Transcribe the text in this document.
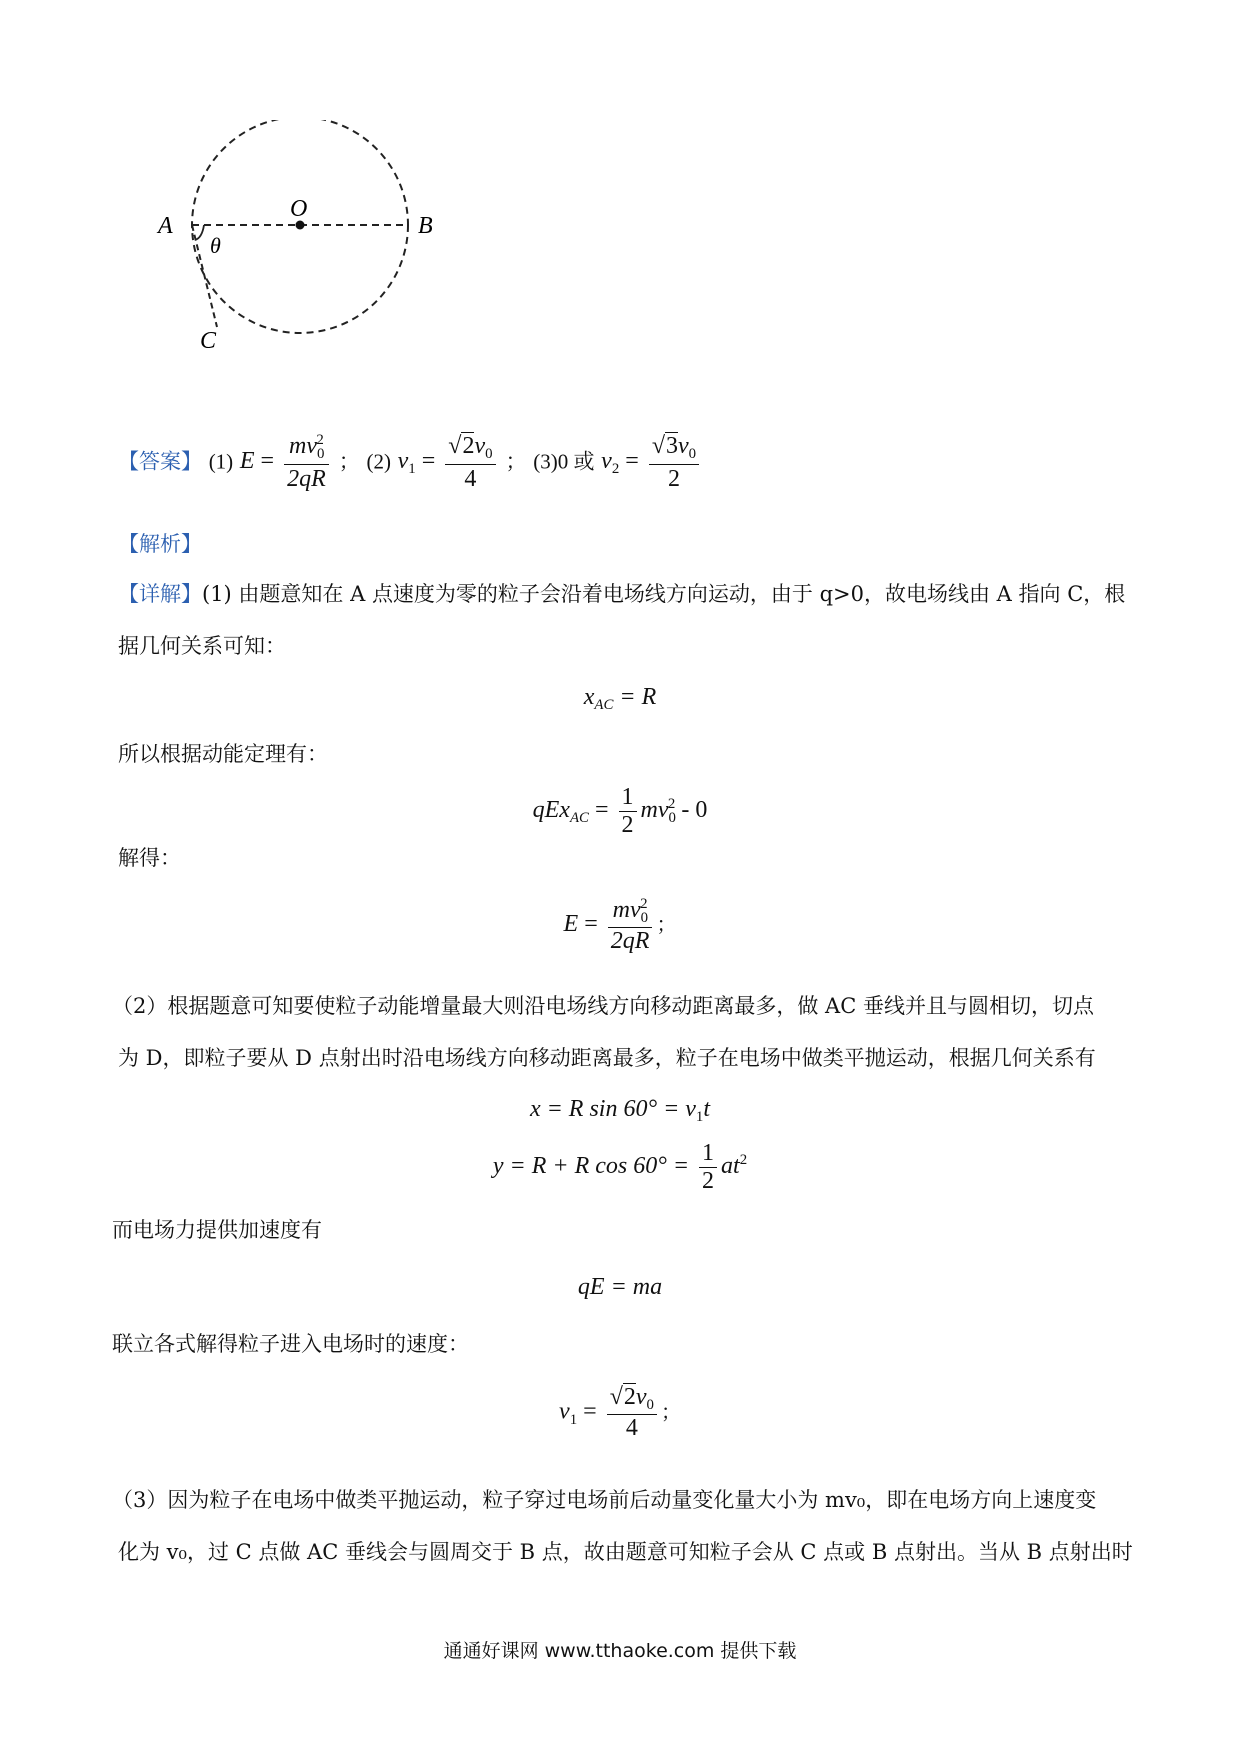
A
O
B
C
θ
【答案】 (1) $E = \frac{mv_0^2}{2qR}$ ； (2) $v_1 = \frac{√2v_0}{4}$ ； (3)0 或 $v_2 = \frac{√3v_0}{2}$
【解析】
【详解】(1) 由题意知在 A 点速度为零的粒子会沿着电场线方向运动，由于 q>0，故电场线由 A 指向 C，根
据几何关系可知：
$x_{AC} = R$
所以根据动能定理有：
$qEx_{AC} = \frac{1}{2} mv_0^2 - 0$
解得：
$E = \frac{mv_0^2}{2qR}$ ；
（2）根据题意可知要使粒子动能增量最大则沿电场线方向移动距离最多，做 AC 垂线并且与圆相切，切点
为 D，即粒子要从 D 点射出时沿电场线方向移动距离最多，粒子在电场中做类平抛运动，根据几何关系有
x = R $\sin 60^\circ = v_1t$
y = R + R $\cos 60^\circ = \frac{1}{2} at^2$
而电场力提供加速度有
qE = ma
联立各式解得粒子进入电场时的速度：
$v_1 = \frac{√2v_0}{4}$ ；
（3）因为粒子在电场中做类平抛运动，粒子穿过电场前后动量变化量大小为 mv₀，即在电场方向上速度变
化为 v₀，过 C 点做 AC 垂线会与圆周交于 B 点，故由题意可知粒子会从 C 点或 B 点射出。当从 B 点射出时
通通好课网 www.tthaoke.com 提供下载
